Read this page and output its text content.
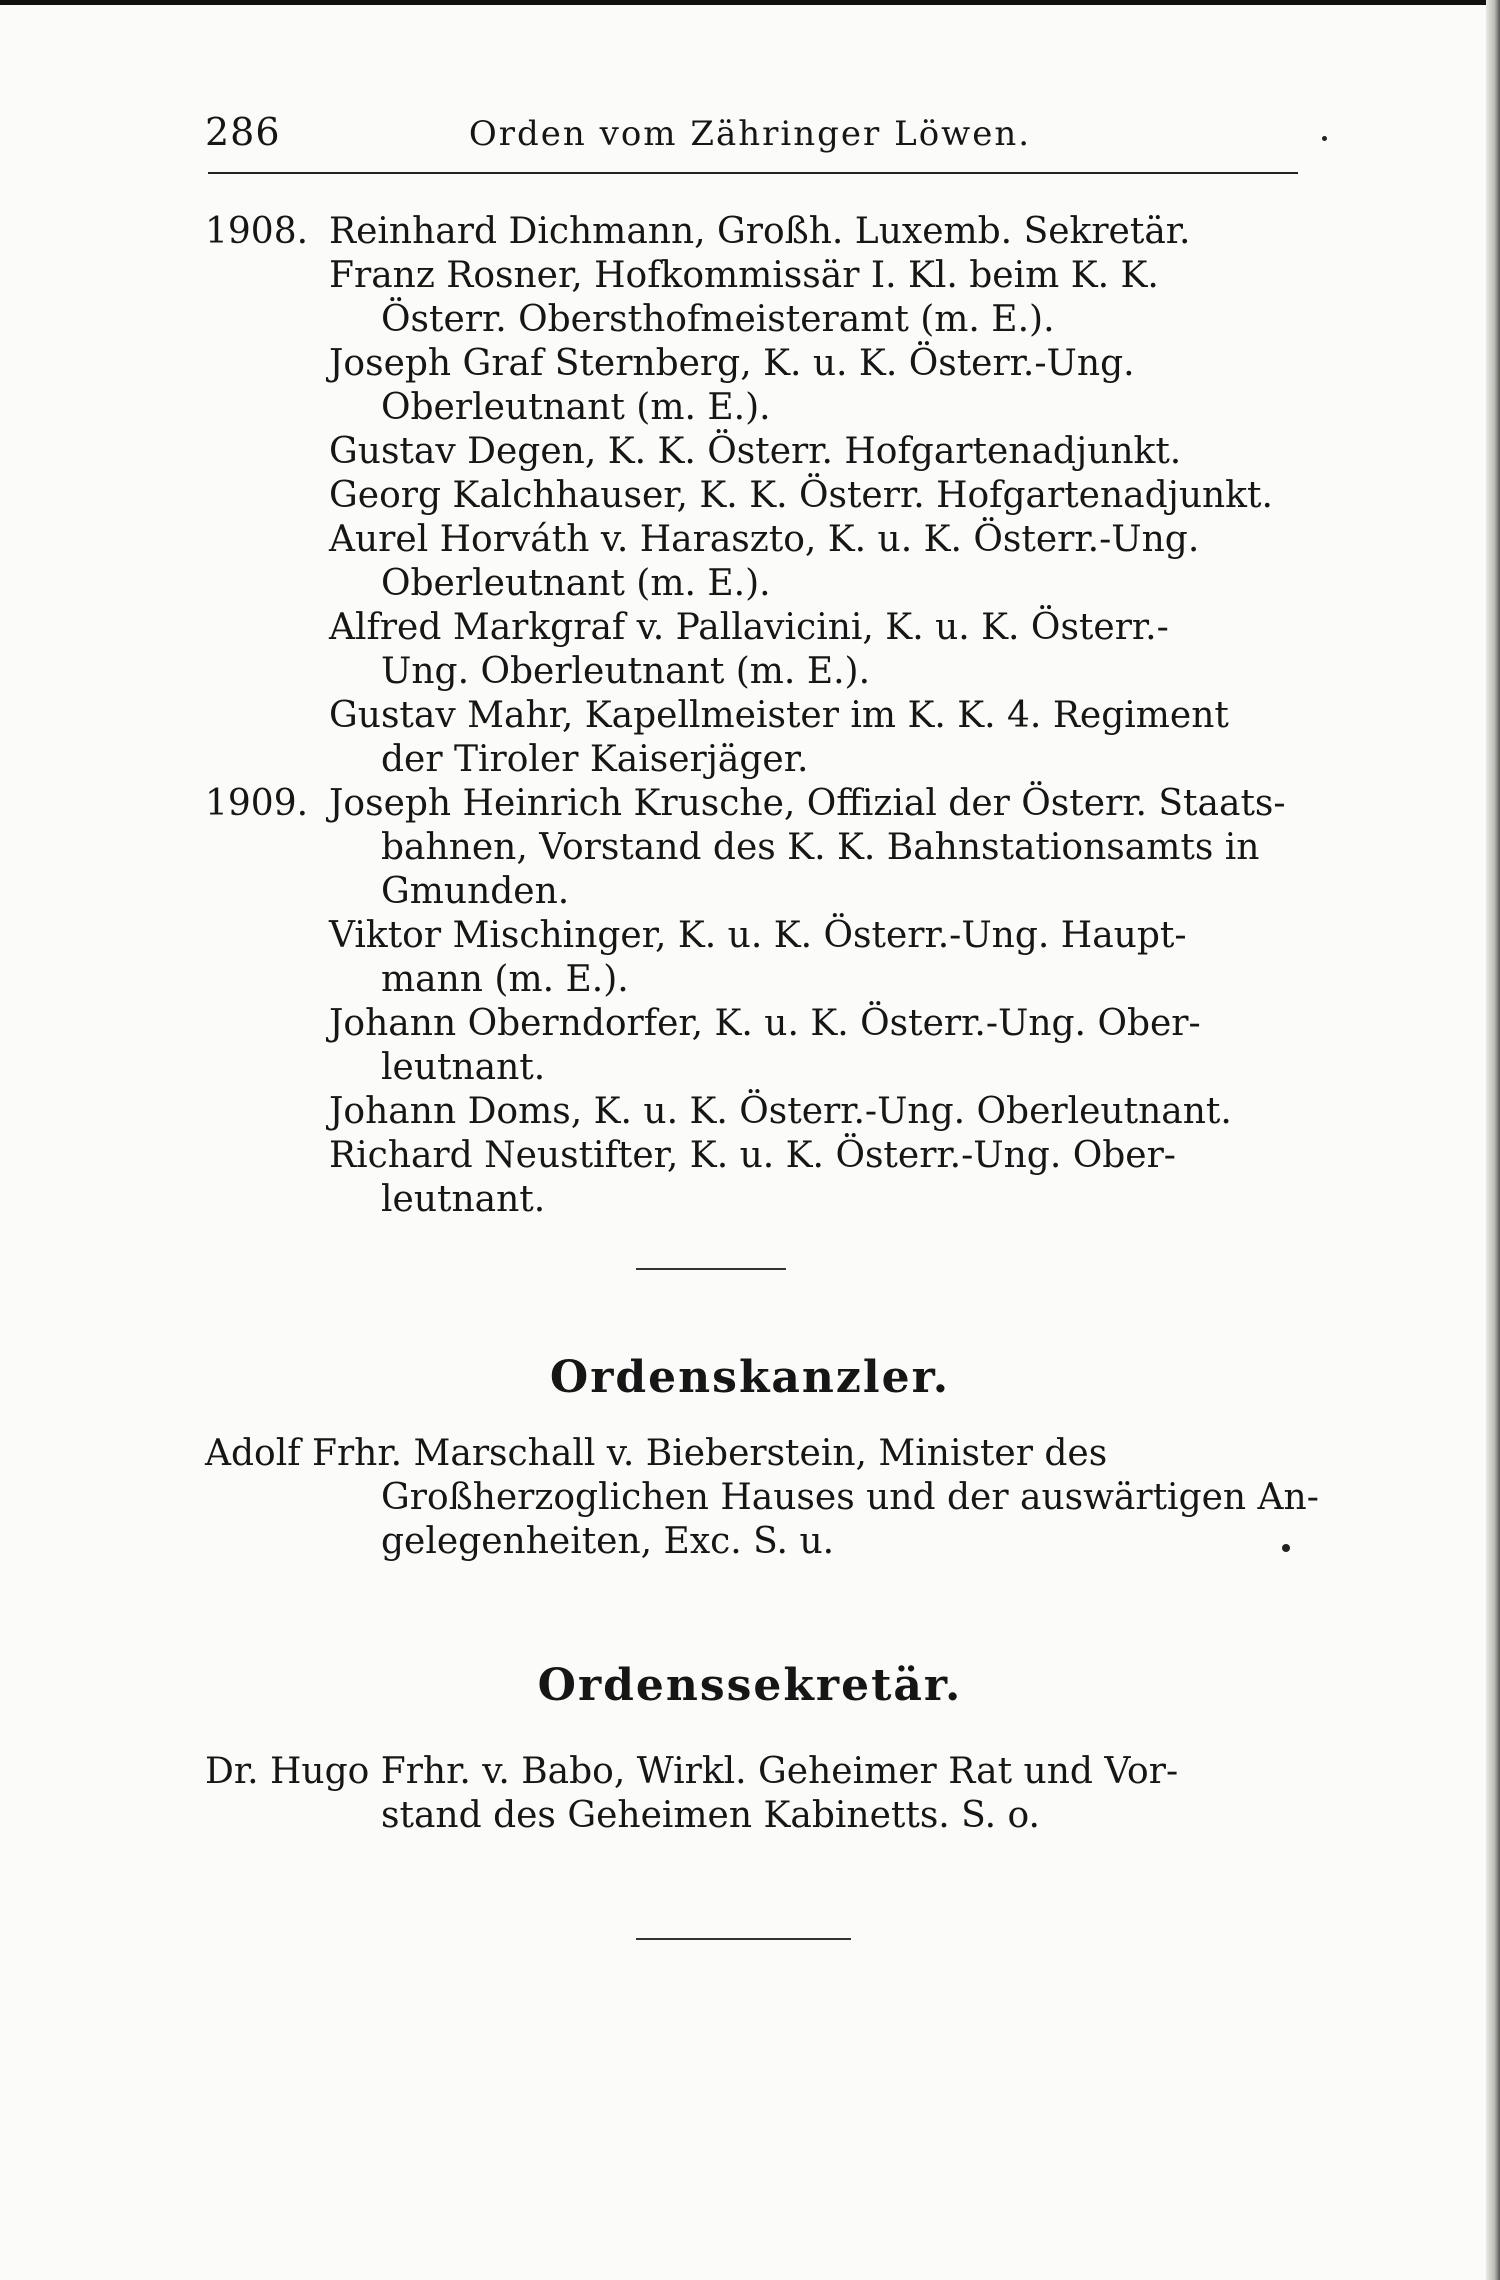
286	Orden vom Zähringer Löwen.
1908. Reinhard Dichmann, Großh. Luxemb. Sekretär.
Franz Rosner, Hofkommissär I. Kl. beim K. K.
Österr. Obersthofmeisteramt (m. E.).
Joseph Graf Sternberg, K. u. K. Österr.-Ung.
Oberleutnant (m. E.).
Gustav Degen, K. K. Österr. Hofgartenadjunkt.
Georg Kalchhauser, K. K. Österr. Hofgartenadjunkt.
Aurel Horváth v. Haraszto, K. u. K. Österr.-Ung.
Oberleutnant (m. E.).
Alfred Markgraf v. Pallavicini, K. u. K. Österr.-
Ung. Oberleutnant (m. E.).
Gustav Mahr, Kapellmeister im K. K. 4. Regiment
der Tiroler Kaiserjäger.
1909. Joseph Heinrich Krusche, Offizial der Österr. Staats-
bahnen, Vorstand des K. K. Bahnstationsamts in
Gmunden.
Viktor Mischinger, K. u. K. Österr.-Ung. Haupt-
mann (m. E.).
Johann Oberndorfer, K. u. K. Österr.-Ung. Ober-
leutnant.
Johann Doms, K. u. K. Österr.-Ung. Oberleutnant.
Richard Neustifter, K. u. K. Österr.-Ung. Ober-
leutnant.
Ordenskanzler.
Adolf Frhr. Marschall v. Bieberstein, Minister des
Großherzoglichen Hauses und der auswärtigen An-
gelegenheiten, Exc. S. u.
Ordenssekretär.
Dr. Hugo Frhr. v. Babo, Wirkl. Geheimer Rat und Vor-
stand des Geheimen Kabinetts. S. o.
